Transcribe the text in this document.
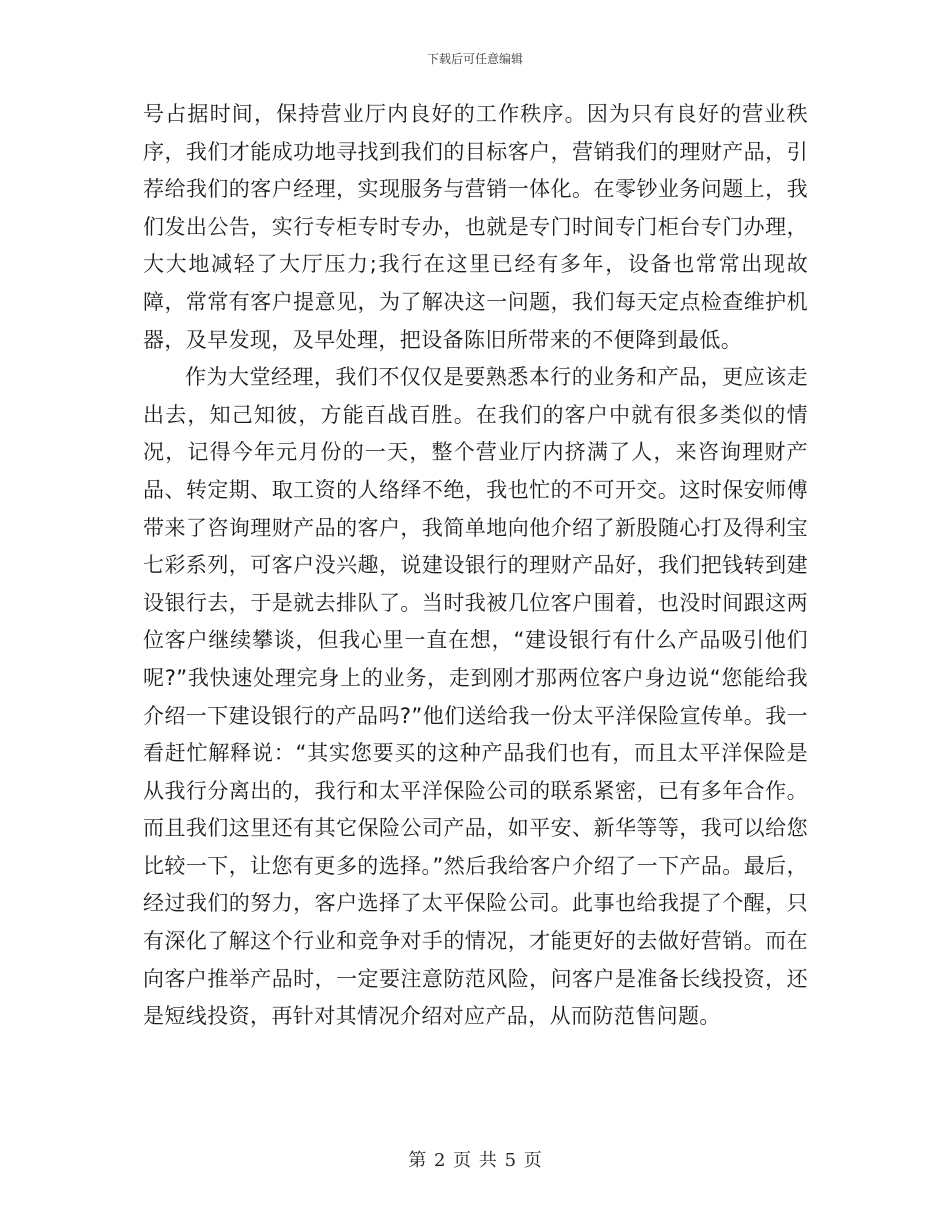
下载后可任意编辑

号占据时间，保持营业厅内良好的工作秩序。因为只有良好的营业秩序，我们才能成功地寻找到我们的目标客户，营销我们的理财产品，引荐给我们的客户经理，实现服务与营销一体化。在零钞业务问题上，我们发出公告，实行专柜专时专办，也就是专门时间专门柜台专门办理，大大地减轻了大厅压力;我行在这里已经有多年，设备也常常出现故障，常常有客户提意见，为了解决这一问题，我们每天定点检查维护机器，及早发现，及早处理，把设备陈旧所带来的不便降到最低。

作为大堂经理，我们不仅仅是要熟悉本行的业务和产品，更应该走出去，知己知彼，方能百战百胜。在我们的客户中就有很多类似的情况，记得今年元月份的一天，整个营业厅内挤满了人，来咨询理财产品、转定期、取工资的人络绎不绝，我也忙的不可开交。这时保安师傅带来了咨询理财产品的客户，我简单地向他介绍了新股随心打及得利宝七彩系列，可客户没兴趣，说建设银行的理财产品好，我们把钱转到建设银行去，于是就去排队了。当时我被几位客户围着，也没时间跟这两位客户继续攀谈，但我心里一直在想，“建设银行有什么产品吸引他们呢?”我快速处理完身上的业务，走到刚才那两位客户身边说“您能给我介绍一下建设银行的产品吗?”他们送给我一份太平洋保险宣传单。我一看赶忙解释说：“其实您要买的这种产品我们也有，而且太平洋保险是从我行分离出的，我行和太平洋保险公司的联系紧密，已有多年合作。而且我们这里还有其它保险公司产品，如平安、新华等等，我可以给您比较一下，让您有更多的选择。”然后我给客户介绍了一下产品。最后，经过我们的努力，客户选择了太平保险公司。此事也给我提了个醒，只有深化了解这个行业和竞争对手的情况，才能更好的去做好营销。而在向客户推举产品时，一定要注意防范风险，问客户是准备长线投资，还是短线投资，再针对其情况介绍对应产品，从而防范售问题。

第 2 页 共 5 页
